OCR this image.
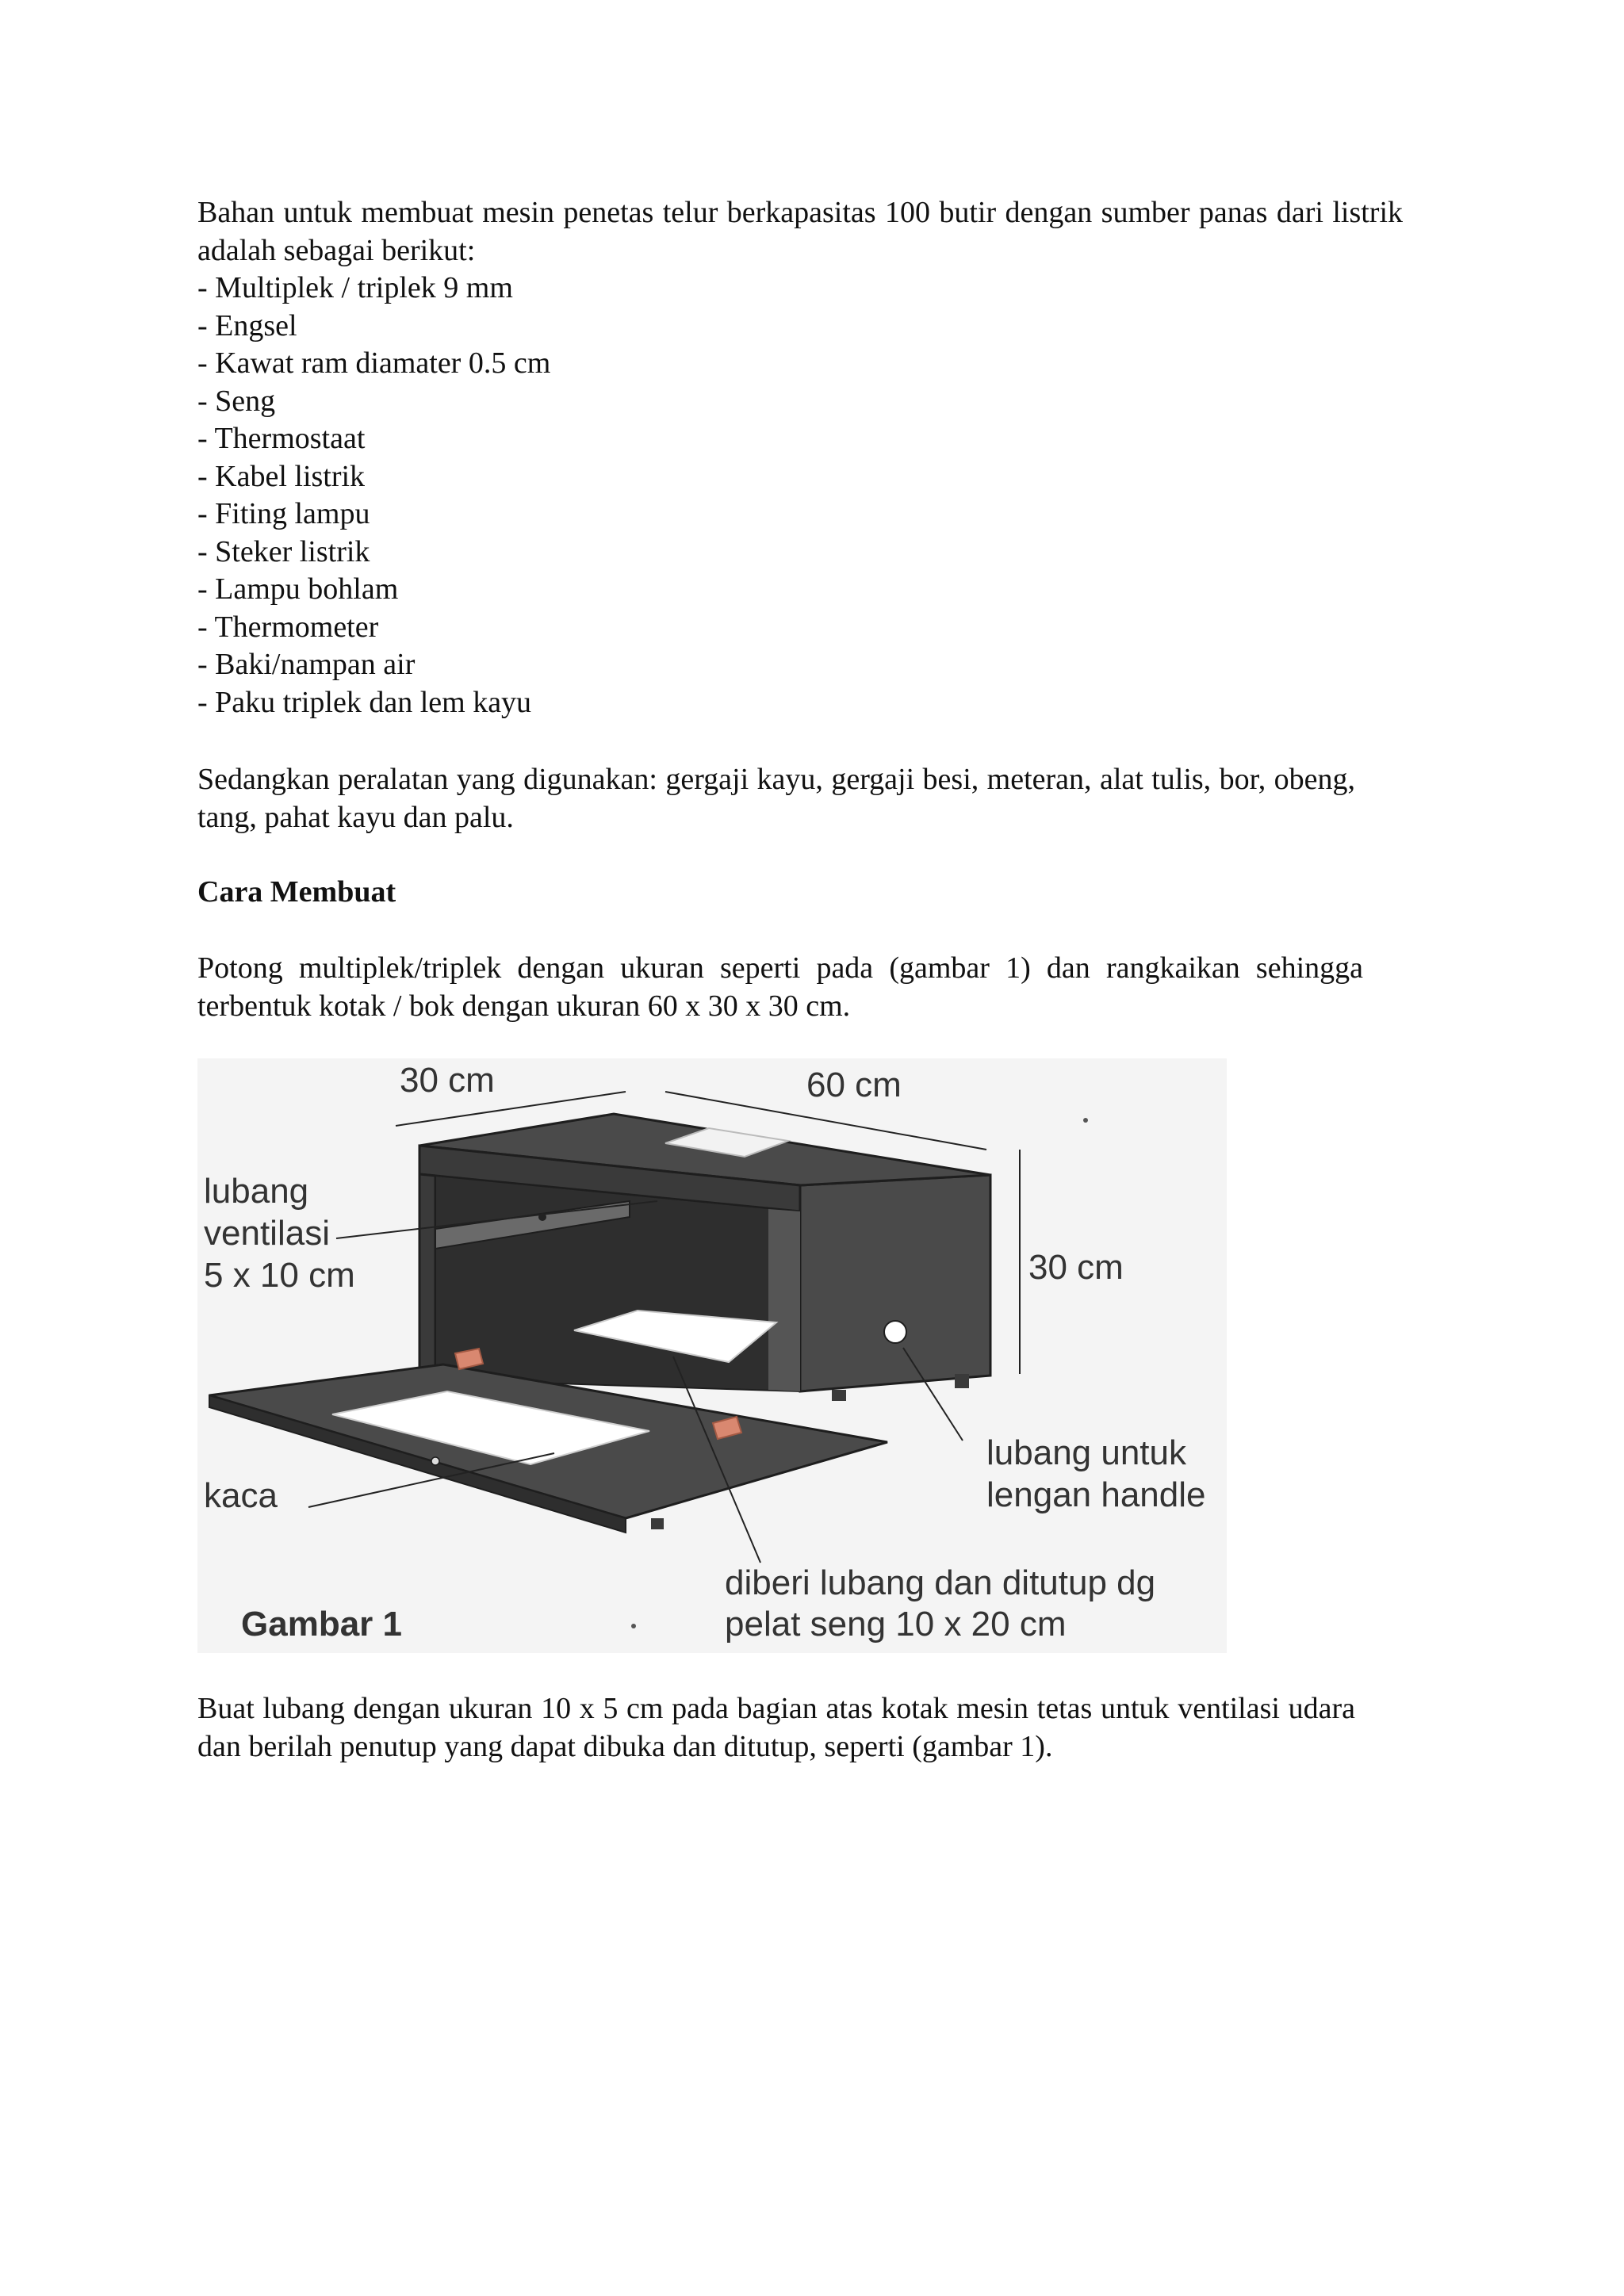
Bahan untuk membuat mesin penetas telur berkapasitas 100 butir dengan sumber panas dari listrik adalah sebagai berikut:

- Multiplek / triplek 9 mm
- Engsel
- Kawat ram diamater 0.5 cm
- Seng
- Thermostaat
- Kabel listrik
- Fiting lampu
- Steker listrik
- Lampu bohlam
- Thermometer
- Baki/nampan air
- Paku triplek dan lem kayu

Sedangkan peralatan yang digunakan: gergaji kayu, gergaji besi, meteran, alat tulis, bor, obeng, tang, pahat kayu dan palu.

Cara Membuat

Potong multiplek/triplek dengan ukuran seperti pada (gambar 1) dan rangkaikan sehingga terbentuk kotak / bok dengan ukuran 60 x 30 x 30 cm.

30 cm	60 cm
30 cm
lubang
ventilasi
5 x 10 cm
kaca
lubang untuk
lengan handle
diberi lubang dan ditutup dg
pelat seng 10 x 20 cm
Gambar 1

Buat lubang dengan ukuran 10 x 5 cm pada bagian atas kotak mesin tetas untuk ventilasi udara dan berilah penutup yang dapat dibuka dan ditutup, seperti (gambar 1).
